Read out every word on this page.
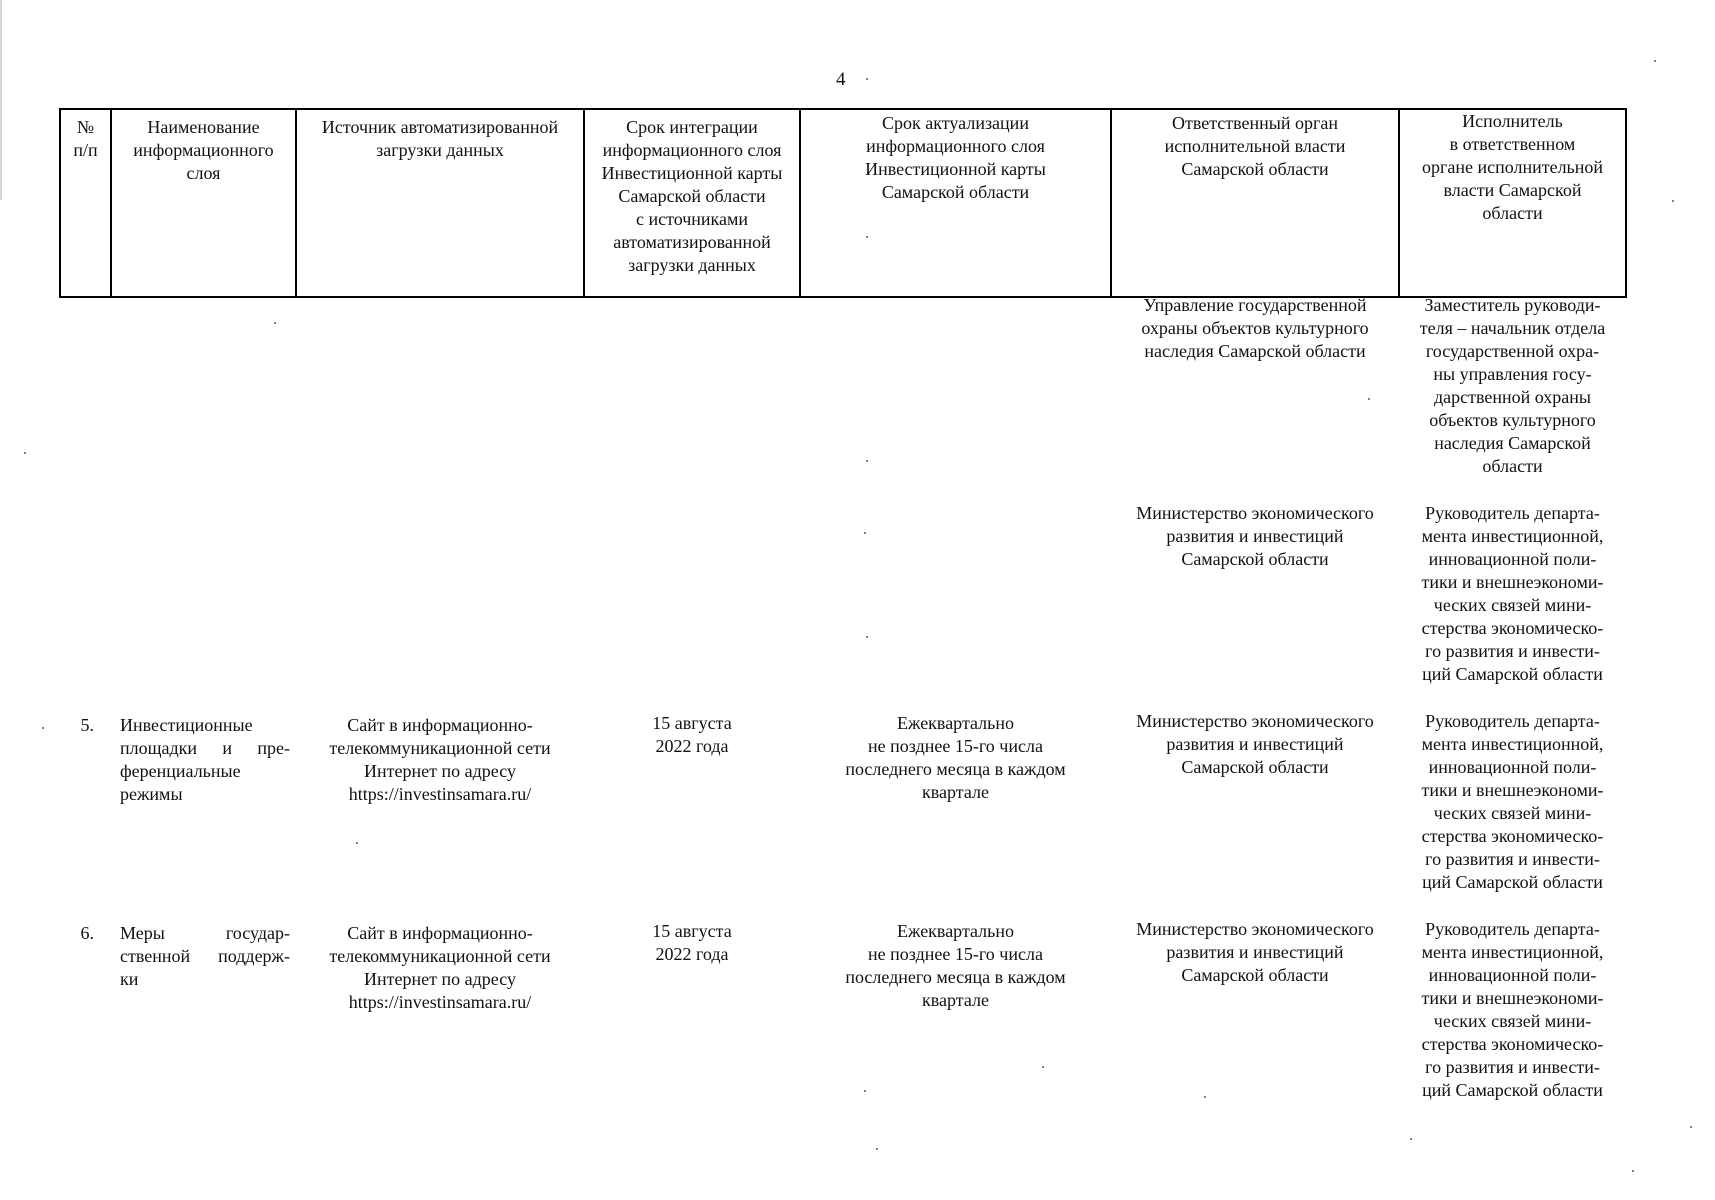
4
№
п/п
Наименование
информационного
слоя
Источник автоматизированной
загрузки данных
Срок интеграции
информационного слоя
Инвестиционной карты
Самарской области
с источниками
автоматизированной
загрузки данных
Срок актуализации
информационного слоя
Инвестиционной карты
Самарской области
Ответственный орган
исполнительной власти
Самарской области
Исполнитель
в ответственном
органе исполнительной
власти Самарской
области
Управление государственной
охраны объектов культурного
наследия Самарской области
Заместитель руководи-
теля – начальник отдела
государственной охра-
ны управления госу-
дарственной охраны
объектов культурного
наследия Самарской
области
Министерство экономического
развития и инвестиций
Самарской области
Руководитель департа-
мента инвестиционной,
инновационной поли-
тики и внешнеэкономи-
ческих связей мини-
стерства экономическо-
го развития и инвести-
ций Самарской области
5. Инвестиционные
площадки и пре-
ференциальные
режимы
Сайт в информационно-
телекоммуникационной сети
Интернет по адресу
https://investinsamara.ru/
15 августа
2022 года
Ежеквартально
не позднее 15-го числа
последнего месяца в каждом
квартале
Министерство экономического
развития и инвестиций
Самарской области
Руководитель департа-
мента инвестиционной,
инновационной поли-
тики и внешнеэкономи-
ческих связей мини-
стерства экономическо-
го развития и инвести-
ций Самарской области
6. Меры государ-
ственной поддерж-
ки
Сайт в информационно-
телекоммуникационной сети
Интернет по адресу
https://investinsamara.ru/
15 августа
2022 года
Ежеквартально
не позднее 15-го числа
последнего месяца в каждом
квартале
Министерство экономического
развития и инвестиций
Самарской области
Руководитель департа-
мента инвестиционной,
инновационной поли-
тики и внешнеэкономи-
ческих связей мини-
стерства экономическо-
го развития и инвести-
ций Самарской области
